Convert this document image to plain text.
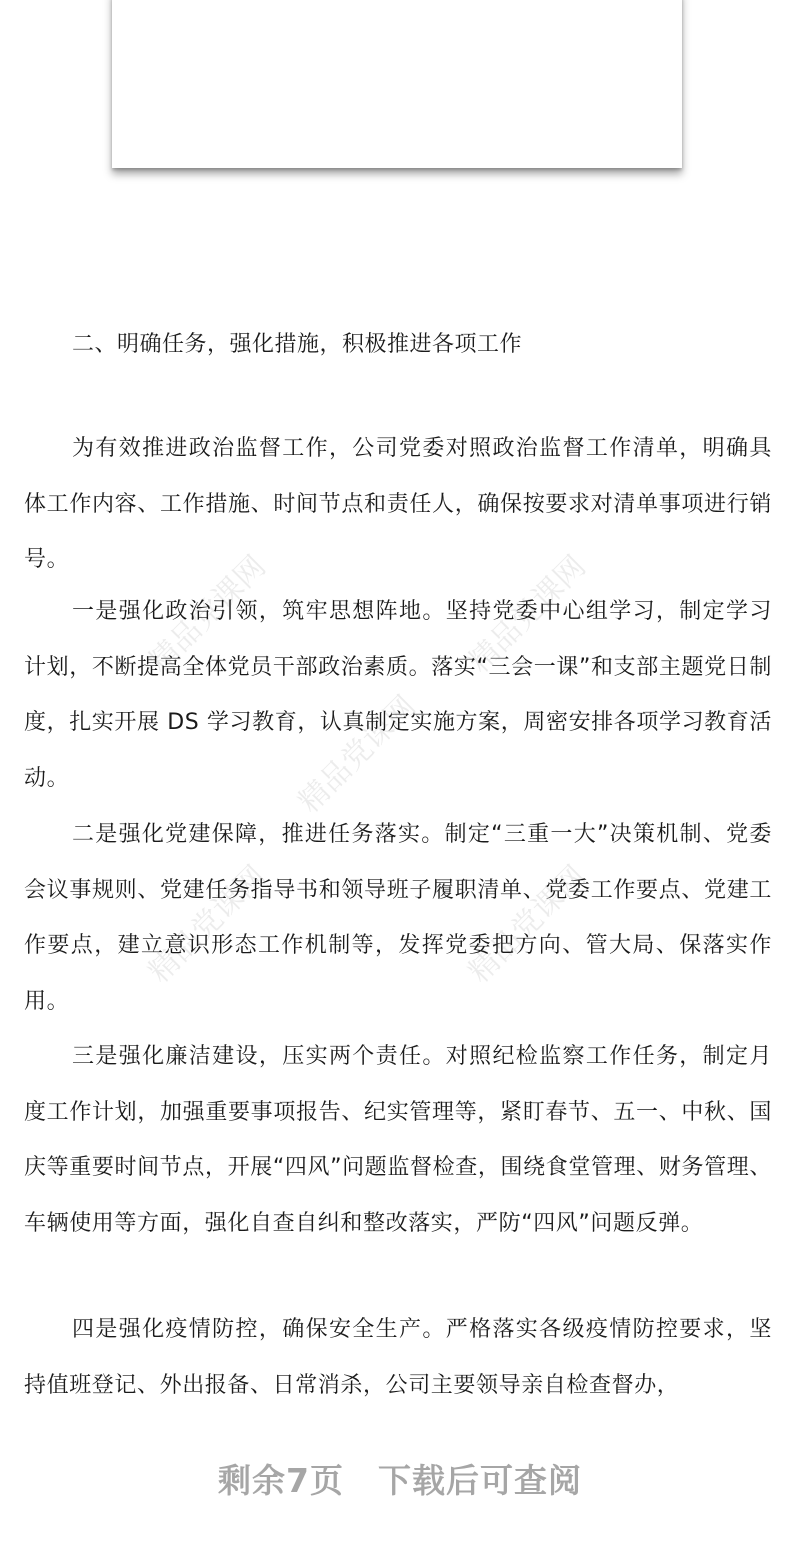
精品党课网	精品党课网
精品党课网
精品党课网	精品党课网
二、明确任务，强化措施，积极推进各项工作

为有效推进政治监督工作，公司党委对照政治监督工作清单，明确具体工作内容、工作措施、时间节点和责任人，确保按要求对清单事项进行销号。

一是强化政治引领，筑牢思想阵地。坚持党委中心组学习，制定学习计划，不断提高全体党员干部政治素质。落实“三会一课”和支部主题党日制度，扎实开展 DS 学习教育，认真制定实施方案，周密安排各项学习教育活动。

二是强化党建保障，推进任务落实。制定“三重一大”决策机制、党委会议事规则、党建任务指导书和领导班子履职清单、党委工作要点、党建工作要点，建立意识形态工作机制等，发挥党委把方向、管大局、保落实作用。

三是强化廉洁建设，压实两个责任。对照纪检监察工作任务，制定月度工作计划，加强重要事项报告、纪实管理等，紧盯春节、五一、中秋、国庆等重要时间节点，开展“四风”问题监督检查，围绕食堂管理、财务管理、车辆使用等方面，强化自查自纠和整改落实，严防“四风”问题反弹。

四是强化疫情防控，确保安全生产。严格落实各级疫情防控要求，坚持值班登记、外出报备、日常消杀，公司主要领导亲自检查督办，

剩余7页 下载后可查阅
